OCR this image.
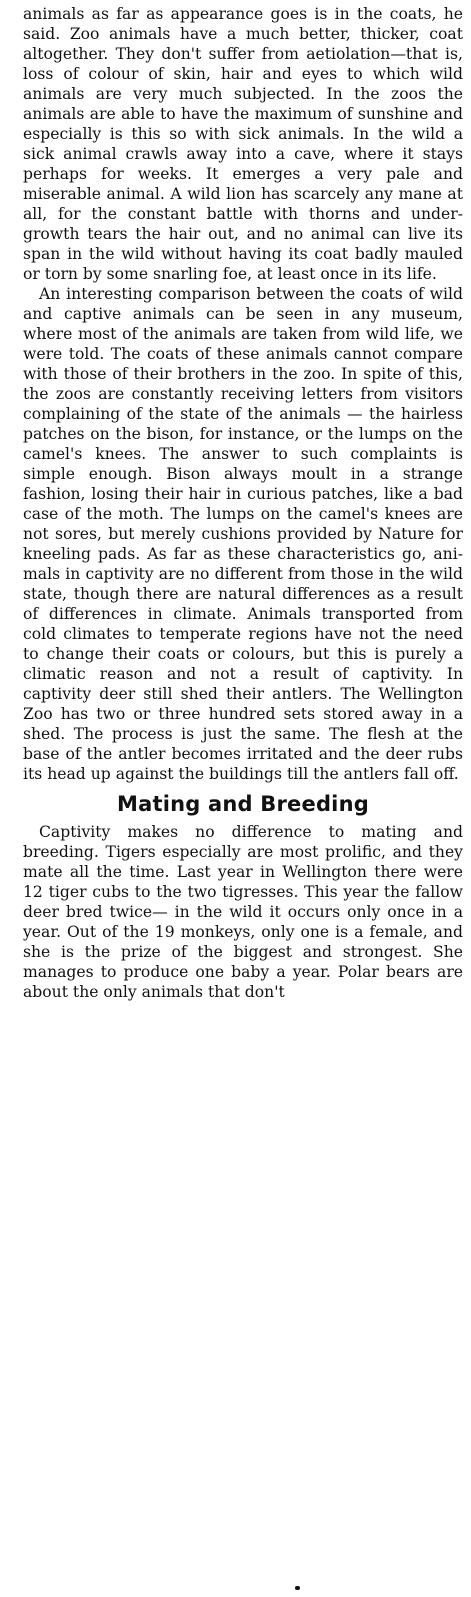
animals as far as appearance goes is in the coats, he said. Zoo animals have a much better, thicker, coat altogether. They don't suffer from aetiolation—that is, loss of colour of skin, hair and eyes to which wild animals are very much subjected. In the zoos the animals are able to have the maximum of sunshine and especially is this so with sick animals. In the wild a sick animal crawls away into a cave, where it stays perhaps for weeks. It emerges a very pale and miserable animal. A wild lion has scarcely any mane at all, for the constant battle with thorns and undergrowth tears the hair out, and no animal can live its span in the wild without having its coat badly mauled or torn by some snarling foe, at least once in its life.

An interesting comparison between the coats of wild and captive animals can be seen in any museum, where most of the animals are taken from wild life, we were told. The coats of these animals cannot compare with those of their brothers in the zoo. In spite of this, the zoos are constantly receiving letters from visitors complaining of the state of the animals — the hairless patches on the bison, for instance, or the lumps on the camel's knees. The answer to such complaints is simple enough. Bison always moult in a strange fashion, losing their hair in curious patches, like a bad case of the moth. The lumps on the camel's knees are not sores, but merely cushions provided by Nature for kneeling pads. As far as these characteristics go, animals in captivity are no different from those in the wild state, though there are natural differences as a result of differences in climate. Animals transported from cold climates to temperate regions have not the need to change their coats or colours, but this is purely a climatic reason and not a result of captivity. In captivity deer still shed their antlers. The Wellington Zoo has two or three hundred sets stored away in a shed. The process is just the same. The flesh at the base of the antler becomes irritated and the deer rubs its head up against the buildings till the antlers fall off.

Mating and Breeding

Captivity makes no difference to mating and breeding. Tigers especially are most prolific, and they mate all the time. Last year in Wellington there were 12 tiger cubs to the two tigresses. This year the fallow deer bred twice— in the wild it occurs only once in a year. Out of the 19 monkeys, only one is a female, and she is the prize of the biggest and strongest. She manages to produce one baby a year. Polar bears are about the only animals that don't
